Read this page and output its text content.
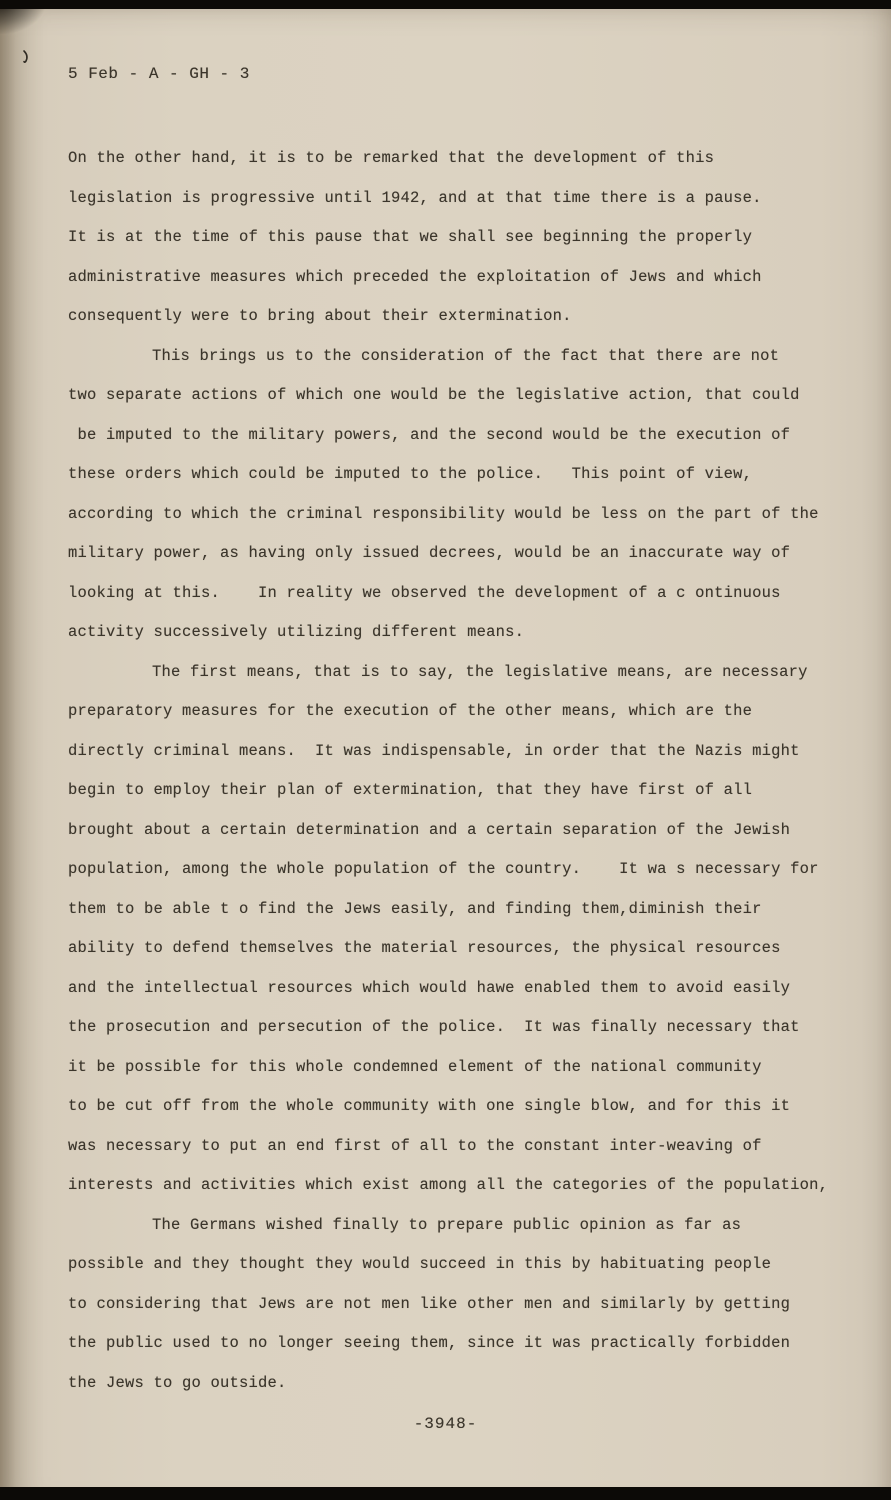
5 Feb - A - GH - 3
On the other hand, it is to be remarked that the development of this
legislation is progressive until 1942, and at that time there is a pause.
It is at the time of this pause that we shall see beginning the properly
administrative measures which preceded the exploitation of Jews and which
consequently were to bring about their extermination.
This brings us to the consideration of the fact that there are not
two separate actions of which one would be the legislative action, that could
be imputed to the military powers, and the second would be the execution of
these orders which could be imputed to the police.   This point of view,
according to which the criminal responsibility would be less on the part of the
military power, as having only issued decrees, would be an inaccurate way of
looking at this.    In reality we observed the development of a c ontinuous
activity successively utilizing different means.
The first means, that is to say, the legislative means, are necessary
preparatory measures for the execution of the other means, which are the
directly criminal means.  It was indispensable, in order that the Nazis might
begin to employ their plan of extermination, that they have first of all
brought about a certain determination and a certain separation of the Jewish
population, among the whole population of the country.    It wa s necessary for
them to be able t o find the Jews easily, and finding them,diminish their
ability to defend themselves the material resources, the physical resources
and the intellectual resources which would hawe enabled them to avoid easily
the prosecution and persecution of the police.  It was finally necessary that
it be possible for this whole condemned element of the national community
to be cut off from the whole community with one single blow, and for this it
was necessary to put an end first of all to the constant inter-weaving of
interests and activities which exist among all the categories of the population,
The Germans wished finally to prepare public opinion as far as
possible and they thought they would succeed in this by habituating people
to considering that Jews are not men like other men and similarly by getting
the public used to no longer seeing them, since it was practically forbidden
the Jews to go outside.
-3948-
